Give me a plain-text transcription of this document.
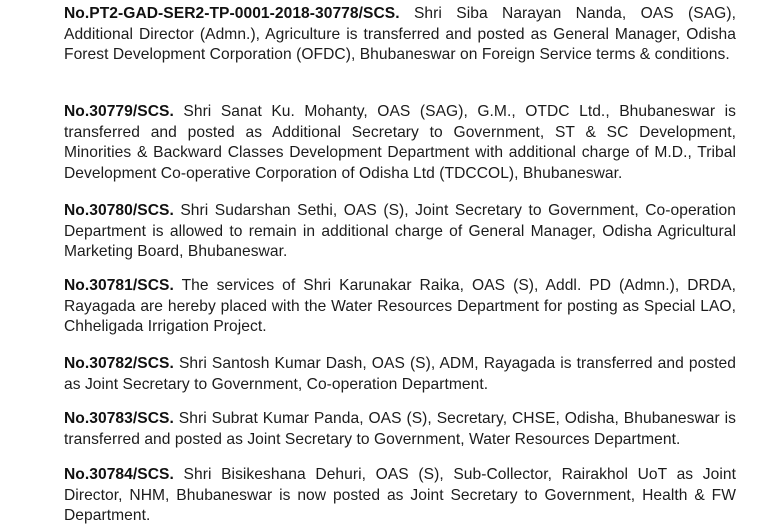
No.PT2-GAD-SER2-TP-0001-2018-30778/SCS. Shri Siba Narayan Nanda, OAS (SAG), Additional Director (Admn.), Agriculture is transferred and posted as General Manager, Odisha Forest Development Corporation (OFDC), Bhubaneswar on Foreign Service terms & conditions.

No.30779/SCS. Shri Sanat Ku. Mohanty, OAS (SAG), G.M., OTDC Ltd., Bhubaneswar is transferred and posted as Additional Secretary to Government, ST & SC Development, Minorities & Backward Classes Development Department with additional charge of M.D., Tribal Development Co-operative Corporation of Odisha Ltd (TDCCOL), Bhubaneswar.

No.30780/SCS. Shri Sudarshan Sethi, OAS (S), Joint Secretary to Government, Co-operation Department is allowed to remain in additional charge of General Manager, Odisha Agricultural Marketing Board, Bhubaneswar.

No.30781/SCS. The services of Shri Karunakar Raika, OAS (S), Addl. PD (Admn.), DRDA, Rayagada are hereby placed with the Water Resources Department for posting as Special LAO, Chheligada Irrigation Project.

No.30782/SCS. Shri Santosh Kumar Dash, OAS (S), ADM, Rayagada is transferred and posted as Joint Secretary to Government, Co-operation Department.

No.30783/SCS. Shri Subrat Kumar Panda, OAS (S), Secretary, CHSE, Odisha, Bhubaneswar is transferred and posted as Joint Secretary to Government, Water Resources Department.

No.30784/SCS. Shri Bisikeshana Dehuri, OAS (S), Sub-Collector, Rairakhol UoT as Joint Director, NHM, Bhubaneswar is now posted as Joint Secretary to Government, Health & FW Department.
